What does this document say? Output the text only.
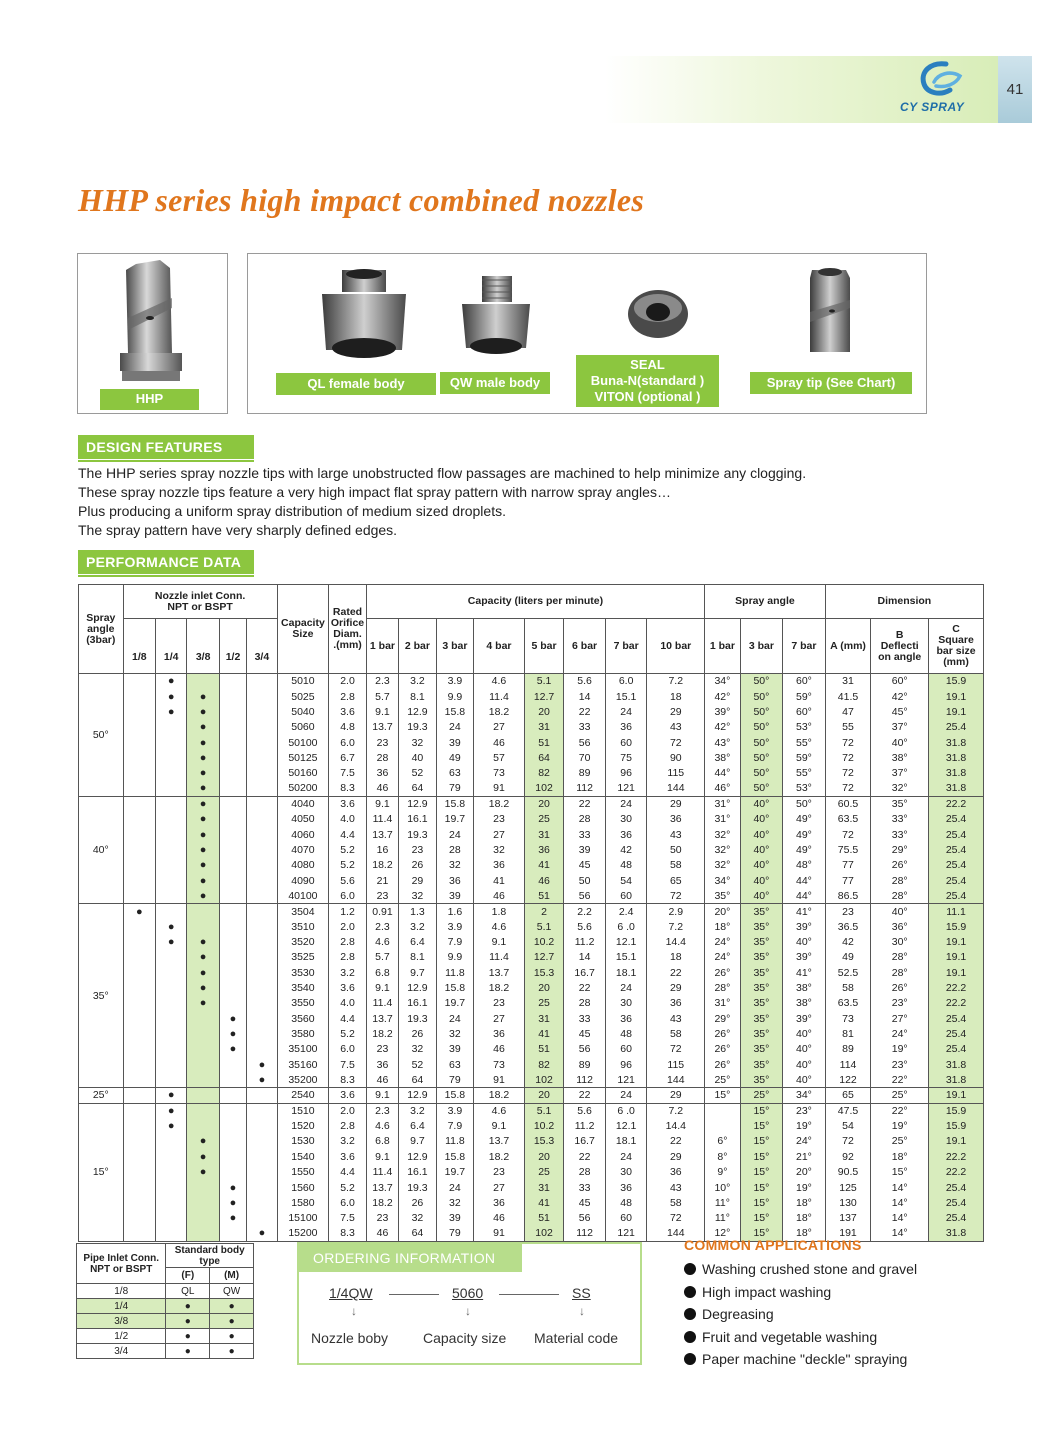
41
CY SPRAY
HHP series high impact combined nozzles
HHP
QL female body	QW male body
SEAL
Buna-N(standard )
VITON (optional )
Spray tip (See Chart)
DESIGN FEATURES
The HHP series spray nozzle tips with large unobstructed flow passages are machined to help minimize any clogging.
These spray nozzle tips feature a very high impact flat spray pattern with narrow spray angles…
Plus producing a uniform spray distribution of medium sized droplets.
The spray pattern have very sharply defined edges.
PERFORMANCE DATA
Spray
angle
(3bar)	Nozzle inlet Conn.
NPT or BSPT					Capacity
Size	Rated
Orifice
Diam.
.(mm)	Capacity (liters per minute)								Spray angle			Dimension		
	1/8	1/4	3/8	1/2	3/4			1 bar	2 bar	3 bar	4 bar	5 bar	6 bar	7 bar	10 bar	1 bar	3 bar	7 bar	A (mm)	B
Deflecti
on angle	C
Square
bar size
(mm)
50°		●				5010	2.0	2.3	3.2	3.9	4.6	5.1	5.6	6.0	7.2	34°	50°	60°	31	60°	15.9
		●	●			5025	2.8	5.7	8.1	9.9	11.4	12.7	14	15.1	18	42°	50°	59°	41.5	42°	19.1
		●	●			5040	3.6	9.1	12.9	15.8	18.2	20	22	24	29	39°	50°	60°	47	45°	19.1
			●			5060	4.8	13.7	19.3	24	27	31	33	36	43	42°	50°	53°	55	37°	25.4
			●			50100	6.0	23	32	39	46	51	56	60	72	43°	50°	55°	72	40°	31.8
			●			50125	6.7	28	40	49	57	64	70	75	90	38°	50°	59°	72	38°	31.8
			●			50160	7.5	36	52	63	73	82	89	96	115	44°	50°	55°	72	37°	31.8
			●			50200	8.3	46	64	79	91	102	112	121	144	46°	50°	53°	72	32°	31.8
40°			●			4040	3.6	9.1	12.9	15.8	18.2	20	22	24	29	31°	40°	50°	60.5	35°	22.2
			●			4050	4.0	11.4	16.1	19.7	23	25	28	30	36	31°	40°	49°	63.5	33°	25.4
			●			4060	4.4	13.7	19.3	24	27	31	33	36	43	32°	40°	49°	72	33°	25.4
			●			4070	5.2	16	23	28	32	36	39	42	50	32°	40°	49°	75.5	29°	25.4
			●			4080	5.2	18.2	26	32	36	41	45	48	58	32°	40°	48°	77	26°	25.4
			●			4090	5.6	21	29	36	41	46	50	54	65	34°	40°	44°	77	28°	25.4
			●			40100	6.0	23	32	39	46	51	56	60	72	35°	40°	44°	86.5	28°	25.4
35°	●					3504	1.2	0.91	1.3	1.6	1.8	2	2.2	2.4	2.9	20°	35°	41°	23	40°	11.1
		●				3510	2.0	2.3	3.2	3.9	4.6	5.1	5.6	6 .0	7.2	18°	35°	39°	36.5	36°	15.9
		●	●			3520	2.8	4.6	6.4	7.9	9.1	10.2	11.2	12.1	14.4	24°	35°	40°	42	30°	19.1
			●			3525	2.8	5.7	8.1	9.9	11.4	12.7	14	15.1	18	24°	35°	39°	49	28°	19.1
			●			3530	3.2	6.8	9.7	11.8	13.7	15.3	16.7	18.1	22	26°	35°	41°	52.5	28°	19.1
			●			3540	3.6	9.1	12.9	15.8	18.2	20	22	24	29	28°	35°	38°	58	26°	22.2
			●			3550	4.0	11.4	16.1	19.7	23	25	28	30	36	31°	35°	38°	63.5	23°	22.2
				●		3560	4.4	13.7	19.3	24	27	31	33	36	43	29°	35°	39°	73	27°	25.4
				●		3580	5.2	18.2	26	32	36	41	45	48	58	26°	35°	40°	81	24°	25.4
				●		35100	6.0	23	32	39	46	51	56	60	72	26°	35°	40°	89	19°	25.4
					●	35160	7.5	36	52	63	73	82	89	96	115	26°	35°	40°	114	23°	31.8
					●	35200	8.3	46	64	79	91	102	112	121	144	25°	35°	40°	122	22°	31.8
25°		●				2540	3.6	9.1	12.9	15.8	18.2	20	22	24	29	15°	25°	34°	65	25°	19.1
15°		●				1510	2.0	2.3	3.2	3.9	4.6	5.1	5.6	6 .0	7.2		15°	23°	47.5	22°	15.9
		●				1520	2.8	4.6	6.4	7.9	9.1	10.2	11.2	12.1	14.4		15°	19°	54	19°	15.9
			●			1530	3.2	6.8	9.7	11.8	13.7	15.3	16.7	18.1	22	6°	15°	24°	72	25°	19.1
			●			1540	3.6	9.1	12.9	15.8	18.2	20	22	24	29	8°	15°	21°	92	18°	22.2
			●			1550	4.4	11.4	16.1	19.7	23	25	28	30	36	9°	15°	20°	90.5	15°	22.2
				●		1560	5.2	13.7	19.3	24	27	31	33	36	43	10°	15°	19°	125	14°	25.4
				●		1580	6.0	18.2	26	32	36	41	45	48	58	11°	15°	18°	130	14°	25.4
				●		15100	7.5	23	32	39	46	51	56	60	72	11°	15°	18°	137	14°	25.4
					●	15200	8.3	46	64	79	91	102	112	121	144	12°	15°	18°	191	14°	31.8
Pipe Inlet Conn.
NPT or BSPT	Standard body
type	
	(F)	(M)
1/8	QL	QW
1/4	●	●
3/8	●	●
1/2	●	●
3/4	●	●
ORDERING INFORMATION
1/4QW	5060	SS
↓	↓	↓
Nozzle boby Capacity size Material code
COMMON APPLICATIONS
Washing crushed stone and gravel
High impact washing
Degreasing
Fruit and vegetable washing
Paper machine "deckle" spraying
